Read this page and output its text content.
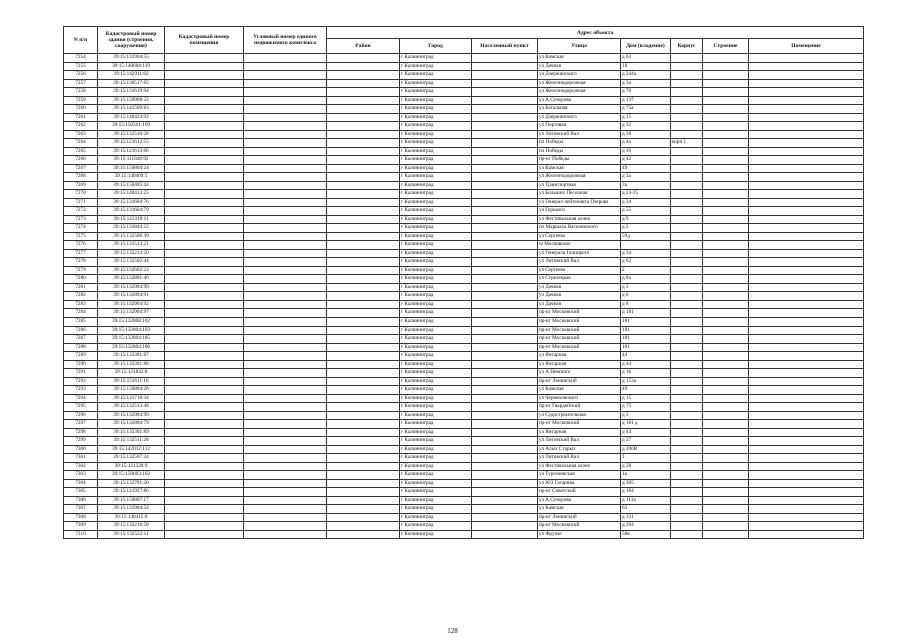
N п/п	Кадастровый номер здания (строения, сооружения)	Кадастровый номер помещения	Условный номер единого недвижимого комплекса	Адрес объекта							
				Район	Город	Населенный пункт	Улица	Дом (владение)	Корпус	Строение	Помещение
7254	39:15:131904:55				г Калининград		ул Камская	д 63			
7255	39:15:140604:119				г Калининград		ул Дачная	18			
7256	39:15:142911:62				г Калининград		ул Дзержинского	д 244а			
7257	39:15:130517:65				г Калининград		ул Железнодорожная	д 3а			
7258	39:15:131619:94				г Калининград		ул Железнодорожная	д 70			
7259	39:15:150908:22				г Калининград		ул А.Суворова	д 137			
7260	39:15:141509:83				г Калининград		ул Батальная	д 75а			
7261	39:15:140424:92				г Калининград		ул Дзержинского	д 15			
7262	39:15:150501:169				г Калининград		ул Портовая	д 32			
7263	39:15:132510:28				г Калининград		ул Литовский Вал	д 38			
7264	39:15:121612:55				г Калининград		пл Победы	д 4а	корп 1		
7265	39:15:121613:66				г Калининград		пл Победы	д 10			
7266	39:15:111028:92				г Калининград		пр-кт Победы	д 42			
7267	39:15:150804:24				г Калининград		ул Камская	49			
7268	39:15:140409:5				г Калининград		ул Железнодорожная	д 3а			
7269	39:15:150405:42				г Калининград		ул Транспортная	3а			
7270	39:15:140413:25				г Калининград		ул Больших Песочная	д 23-25			
7271	39:15:131604:76				г Калининград		ул Генерал-лейтенанта Озерова	д 34			
7272	39:15:131604:79				г Калининград		ул Горького	д 55			
7273	39:15:121318:11				г Калининград		ул Фестивальная аллея	д 9			
7274	39:15:131844:22				г Калининград		пл Маршала Василевского	д 2			
7275	39:15:132506:39				г Калининград		ул Сергеева	59д			
7276	39:15:131513:21				г Калининград		ш Московское				
7277	39:15:132213:50				г Калининград		ул Генерала Галицкого	д 34			
7278	39:15:132502:44				г Калининград		ул Литовский Вал	д 62			
7279	39:15:132602:23				г Калининград		ул Сергеева	2			
7280	39:15:132801:40				г Калининград		ул Стрелецкая	д 8а			
7281	39:15:132904:99				г Калининград		ул Дачная	д 5			
7282	39:15:132804:91				г Калининград		ул Дачная	д 6			
7283	39:15:132904:92				г Калининград		ул Дачная	д 8			
7284	39:15:132904:97				г Калининград		пр-кт Московский	д 181			
7285	39:15:132808:102				г Калининград		пр-кт Московский	181			
7286	39:15:132804:103				г Калининград		пр-кт Московский	181			
7287	39:15:132804:105				г Калининград		пр-кт Московский	181			
7288	39:15:132804:106				г Калининград		пр-кт Московский	181			
7289	39:15:133301:87				г Калининград		ул Янтарная	44			
7290	39:15:133301:88				г Калининград		ул Янтарная	д 44			
7291	39:15:131842:8				г Калининград		ул А.Невского	д 16			
7292	39:15:151611:16				г Калининград		пр-кт Ленинский	д 153а			
7293	39:15:150804:26				г Калининград		ул Камская	49			
7294	39:15:131718:34				г Калининград		ул Черняховского	д 15			
7295	39:15:132513:48				г Калининград		пр-кт Гвардейский	д 75			
7296	39:15:132904:99				г Калининград		ул Судостроительная	д 5			
7297	39:15:132804:79				г Калининград		пр-кт Московский	д 181 д			
7298	39:15:133301:89				г Калининград		ул Янтарная	д 44			
7299	39:15:132511:28				г Калининград		ул Литовский Вал	д 27			
7300	39:15:142012:112				г Калининград		ул Алых Старых	д 200В			
7301	39:15:132507:24				г Калининград		ул Литовский Вал	1			
7302	39:15:121320:9				г Калининград		ул Фестивальная аллея	д 28			
7303	39:15:150603:102				г Калининград		ул Тургеневская	1а			
7304	39:15:132701:20				г Калининград		ул ЮЗ Гагарина	д 305			
7305	39:15:121927:86				г Калининград		пр-кт Советский	д 184			
7306	39:15:150807:17				г Калининград		ул А.Суворова	д 113а			
7307	39:15:131904:54				г Калининград		ул Камская	63			
7308	39:15:140415:8				г Калининград		пр-кт Ленинский	д 131			
7309	39:15:133216:58				г Калининград		пр-кт Московский	д 284			
7310	39:15:132522:11				г Калининград		ул Фрунзе	58в			
128
